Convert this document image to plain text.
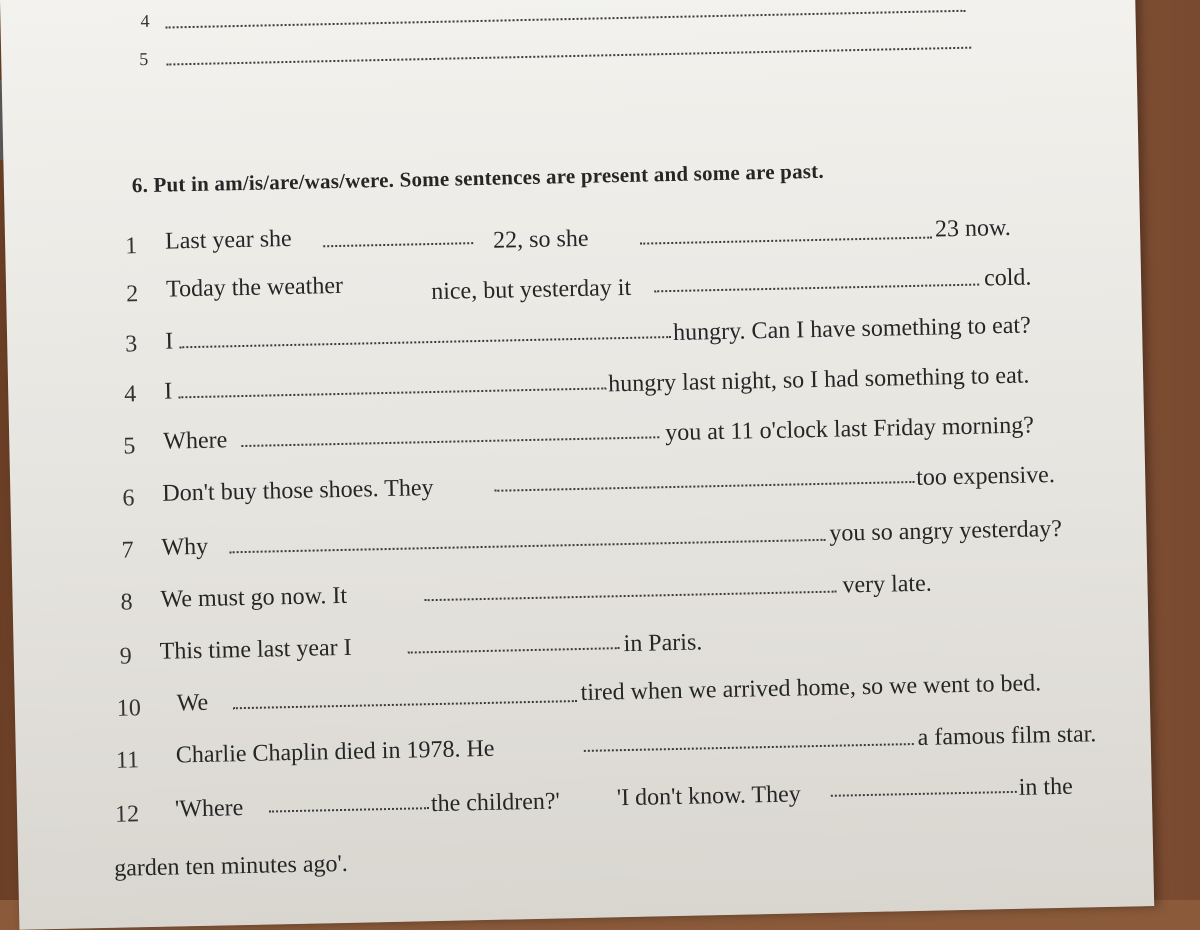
4
5
6. Put in am/is/are/was/were. Some sentences are present and some are past.
1 Last year she	22, so she	23 now.
2 Today the weather	nice, but yesterday it	cold.
3 I	hungry. Can I have something to eat?
4 I	hungry last night, so I had something to eat.
5 Where	you at 11 o'clock last Friday morning?
6 Don't buy those shoes. They	too expensive.
7 Why
you so angry yesterday?
8 We must go now. It	very late.
9 This time last year I	in Paris.
10 We	tired when we arrived home, so we went to bed.
11 Charlie Chaplin died in 1978. He	a famous film star.
12 'Where	the children?' 'I don't know. They	in the
garden ten minutes ago'.
